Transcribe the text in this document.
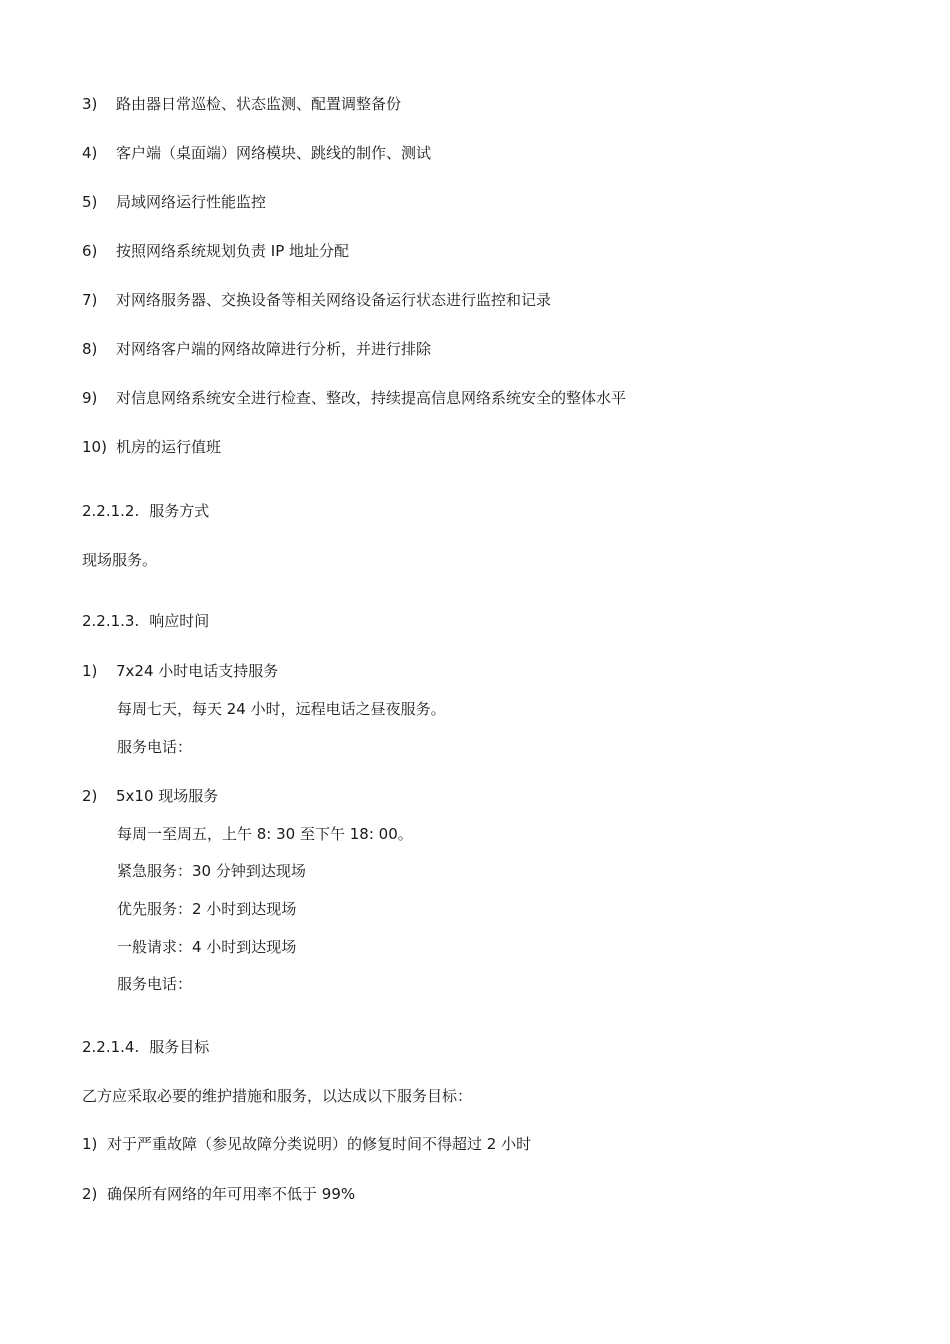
3) 路由器日常巡检、状态监测、配置调整备份
4) 客户端（桌面端）网络模块、跳线的制作、测试
5) 局域网络运行性能监控
6) 按照网络系统规划负责 IP 地址分配
7) 对网络服务器、交换设备等相关网络设备运行状态进行监控和记录
8) 对网络客户端的网络故障进行分析，并进行排除
9) 对信息网络系统安全进行检查、整改，持续提高信息网络系统安全的整体水平
10) 机房的运行值班
2.2.1.2. 服务方式
现场服务。
2.2.1.3. 响应时间
1) 7x24 小时电话支持服务
每周七天，每天 24 小时，远程电话之昼夜服务。
服务电话：
2) 5x10 现场服务
每周一至周五，上午 8: 30 至下午 18: 00。
紧急服务：30 分钟到达现场
优先服务：2 小时到达现场
一般请求：4 小时到达现场
服务电话：
2.2.1.4. 服务目标
乙方应采取必要的维护措施和服务，以达成以下服务目标：
1) 对于严重故障（参见故障分类说明）的修复时间不得超过 2 小时
2) 确保所有网络的年可用率不低于 99%
